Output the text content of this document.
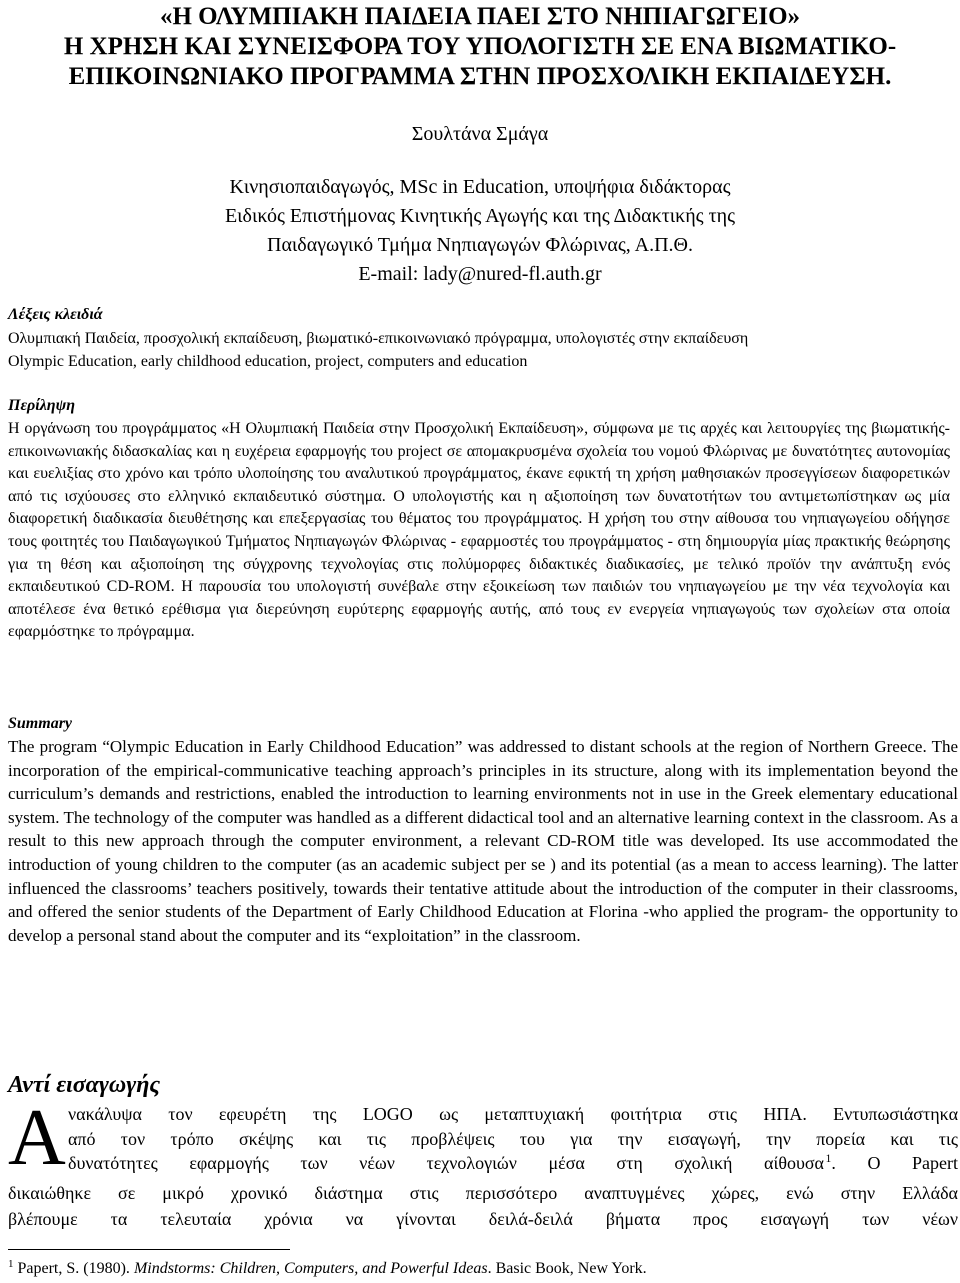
«Η ΟΛΥΜΠΙΑΚΗ ΠΑΙΔΕΙΑ ΠΑΕΙ ΣΤΟ ΝΗΠΙΑΓΩΓΕΙΟ»
Η ΧΡΗΣΗ ΚΑΙ ΣΥΝΕΙΣΦΟΡΑ ΤΟΥ ΥΠΟΛΟΓΙΣΤΗ ΣΕ ΕΝΑ ΒΙΩΜΑΤΙΚΟ-
ΕΠΙΚΟΙΝΩΝΙΑΚΟ ΠΡΟΓΡΑΜΜΑ ΣΤΗΝ ΠΡΟΣΧΟΛΙΚΗ ΕΚΠΑΙΔΕΥΣΗ.
Σουλτάνα Σμάγα
Κινησιοπαιδαγωγός, MSc in Education, υποψήφια διδάκτορας
Ειδικός Επιστήμονας Κινητικής Αγωγής και της Διδακτικής της
Παιδαγωγικό Τμήμα Νηπιαγωγών Φλώρινας, Α.Π.Θ.
E-mail: lady@nured-fl.auth.gr
Λέξεις κλειδιά
Ολυμπιακή Παιδεία, προσχολική εκπαίδευση, βιωματικό-επικοινωνιακό πρόγραμμα, υπολογιστές στην εκπαίδευση
Olympic Education, early childhood education, project, computers and education
Περίληψη
Η οργάνωση του προγράμματος «Η Ολυμπιακή Παιδεία στην Προσχολική Εκπαίδευση», σύμφωνα με τις αρχές και λειτουργίες της βιωματικής-επικοινωνιακής διδασκαλίας και η ευχέρεια εφαρμογής του project σε απομακρυσμένα σχολεία του νομού Φλώρινας με δυνατότητες αυτονομίας και ευελιξίας στο χρόνο και τρόπο υλοποίησης του αναλυτικού προγράμματος, έκανε εφικτή τη χρήση μαθησιακών προσεγγίσεων διαφορετικών από τις ισχύουσες στο ελληνικό εκπαιδευτικό σύστημα. Ο υπολογιστής και η αξιοποίηση των δυνατοτήτων του αντιμετωπίστηκαν ως μία διαφορετική διαδικασία διευθέτησης και επεξεργασίας του θέματος του προγράμματος. Η χρήση του στην αίθουσα του νηπιαγωγείου οδήγησε τους φοιτητές του Παιδαγωγικού Τμήματος Νηπιαγωγών Φλώρινας - εφαρμοστές του προγράμματος - στη δημιουργία μίας πρακτικής θεώρησης για τη θέση και αξιοποίηση της σύγχρονης τεχνολογίας στις πολύμορφες διδακτικές διαδικασίες, με τελικό προϊόν την ανάπτυξη ενός εκπαιδευτικού CD-ROM. Η παρουσία του υπολογιστή συνέβαλε στην εξοικείωση των παιδιών του νηπιαγωγείου με την νέα τεχνολογία και αποτέλεσε ένα θετικό ερέθισμα για διερεύνηση ευρύτερης εφαρμογής αυτής, από τους εν ενεργεία νηπιαγωγούς των σχολείων στα οποία εφαρμόστηκε το πρόγραμμα.
Summary
The program “Olympic Education in Early Childhood Education” was addressed to distant schools at the region of Northern Greece. The incorporation of the empirical-communicative teaching approach’s principles in its structure, along with its implementation beyond the curriculum’s demands and restrictions, enabled the introduction to learning environments not in use in the Greek elementary educational system. The technology of the computer was handled as a different didactical tool and an alternative learning context in the classroom. As a result to this new approach through the computer environment, a relevant CD-ROM title was developed. Its use accommodated the introduction of young children to the computer (as an academic subject per se ) and its potential (as a mean to access learning). The latter influenced the classrooms’ teachers positively, towards their tentative attitude about the introduction of the computer in their classrooms, and offered the senior students of the Department of Early Childhood Education at Florina -who applied the program- the opportunity to develop a personal stand about the computer and its “exploitation” in the classroom.
Αντί εισαγωγής
Α νακάλυψα τον εφευρέτη της LOGO ως μεταπτυχιακή φοιτήτρια στις ΗΠΑ. Εντυπωσιάστηκα
από τον τρόπο σκέψης και τις προβλέψεις του για την εισαγωγή, την πορεία και τις
δυνατότητες εφαρμογής των νέων τεχνολογιών μέσα στη σχολική αίθουσα  $^1$. Ο Papert
δικαιώθηκε σε μικρό χρονικό διάστημα στις περισσότερο αναπτυγμένες χώρες, ενώ στην Ελλάδα
βλέπουμε τα τελευταία χρόνια να γίνονται δειλά-δειλά βήματα προς εισαγωγή των νέων
$^1$ Papert, S. (1980). Mindstorms: Children, Computers, and Powerful Ideas. Basic Book, New York.
